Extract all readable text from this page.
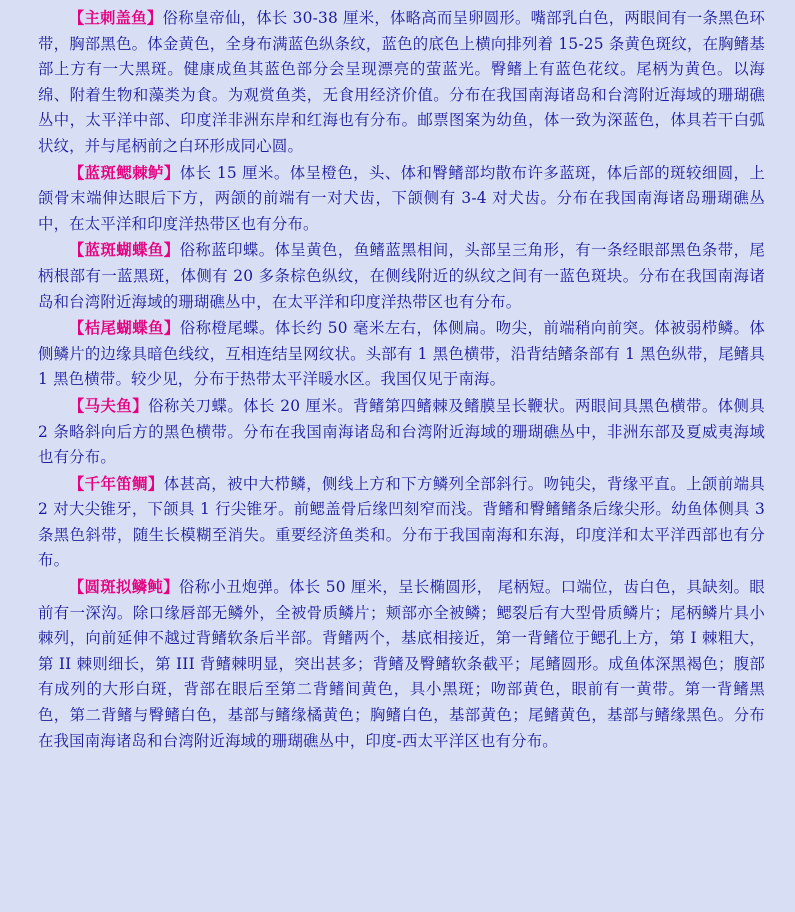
【主刺盖鱼】俗称皇帝仙，体长 30-38 厘米，体略高而呈卵圆形。嘴部乳白色，两眼间有一条黑色环带，胸部黑色。体金黄色，全身布满蓝色纵条纹，蓝色的底色上横向排列着 15-25 条黄色斑纹，在胸鳍基部上方有一大黑斑。健康成鱼其蓝色部分会呈现漂亮的萤蓝光。臀鳍上有蓝色花纹。尾柄为黄色。以海绵、附着生物和藻类为食。为观赏鱼类，无食用经济价值。分布在我国南海诸岛和台湾附近海域的珊瑚礁丛中，太平洋中部、印度洋非洲东岸和红海也有分布。邮票图案为幼鱼，体一致为深蓝色，体具若干白弧状纹，并与尾柄前之白环形成同心圆。

【蓝斑鳃棘鲈】体长 15 厘米。体呈橙色，头、体和臀鳍部均散布许多蓝斑，体后部的斑较细圆，上颌骨末端伸达眼后下方，两颌的前端有一对犬齿，下颌侧有 3-4 对犬齿。分布在我国南海诸岛珊瑚礁丛中，在太平洋和印度洋热带区也有分布。

【蓝斑蝴蝶鱼】俗称蓝印蝶。体呈黄色，鱼鳍蓝黑相间，头部呈三角形，有一条经眼部黑色条带，尾柄根部有一蓝黑斑，体侧有 20 多条棕色纵纹，在侧线附近的纵纹之间有一蓝色斑块。分布在我国南海诸岛和台湾附近海域的珊瑚礁丛中，在太平洋和印度洋热带区也有分布。

【桔尾蝴蝶鱼】俗称橙尾蝶。体长约 50 毫米左右，体侧扁。吻尖，前端稍向前突。体被弱栉鳞。体侧鳞片的边缘具暗色线纹，互相连结呈网纹状。头部有 1 黑色横带，沿背结鳍条部有 1 黑色纵带，尾鳍具 1 黑色横带。较少见，分布于热带太平洋暖水区。我国仅见于南海。

【马夫鱼】俗称关刀蝶。体长 20 厘米。背鳍第四鳍棘及鳍膜呈长鞭状。两眼间具黑色横带。体侧具 2 条略斜向后方的黑色横带。分布在我国南海诸岛和台湾附近海域的珊瑚礁丛中，非洲东部及夏威夷海域也有分布。

【千年笛鲷】体甚高，被中大栉鳞，侧线上方和下方鳞列全部斜行。吻钝尖，背缘平直。上颌前端具 2 对大尖锥牙，下颌具 1 行尖锥牙。前鳃盖骨后缘凹刻窄而浅。背鳍和臀鳍鳍条后缘尖形。幼鱼体侧具 3 条黑色斜带，随生长模糊至消失。重要经济鱼类和。分布于我国南海和东海，印度洋和太平洋西部也有分布。

【圆斑拟鳞鲀】俗称小丑炮弹。体长 50 厘米，呈长椭圆形， 尾柄短。口端位，齿白色，具缺刻。眼前有一深沟。除口缘唇部无鳞外，全被骨质鳞片；颊部亦全被鳞；鳃裂后有大型骨质鳞片；尾柄鳞片具小棘列，向前延伸不越过背鳍软条后半部。背鳍两个，基底相接近，第一背鳍位于鳃孔上方，第 I 棘粗大，第 II 棘则细长，第 III 背鳍棘明显，突出甚多；背鳍及臀鳍软条截平；尾鳍圆形。成鱼体深黑褐色；腹部有成列的大形白斑，背部在眼后至第二背鳍间黄色，具小黑斑；吻部黄色，眼前有一黄带。第一背鳍黑色，第二背鳍与臀鳍白色，基部与鳍缘橘黄色；胸鳍白色，基部黄色；尾鳍黄色，基部与鳍缘黑色。分布在我国南海诸岛和台湾附近海域的珊瑚礁丛中，印度-西太平洋区也有分布。
